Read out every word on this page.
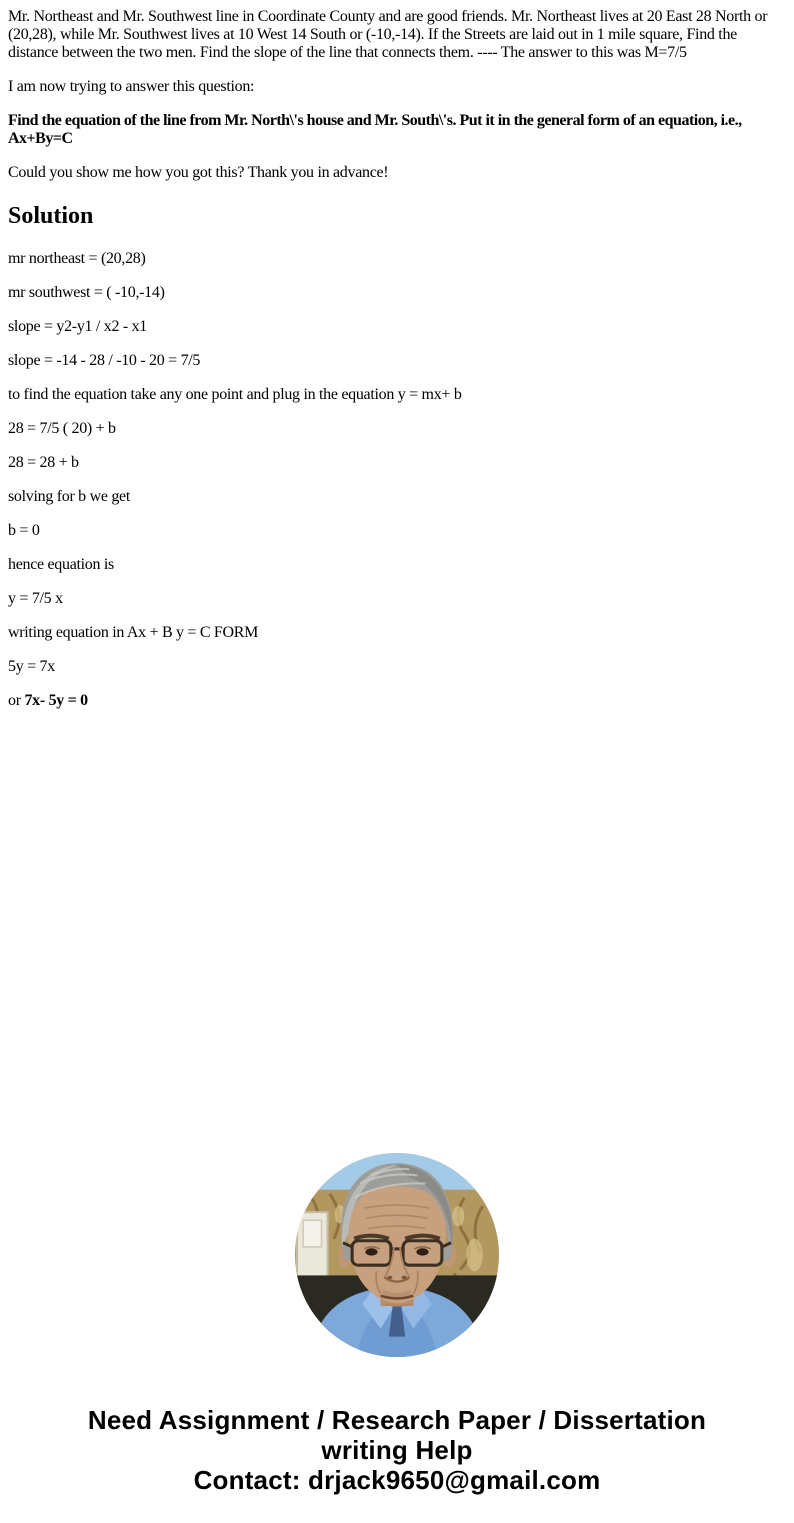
Mr. Northeast and Mr. Southwest line in Coordinate County and are good friends. Mr. Northeast lives at 20 East 28 North or (20,28), while Mr. Southwest lives at 10 West 14 South or (-10,-14). If the Streets are laid out in 1 mile square, Find the distance between the two men. Find the slope of the line that connects them. ---- The answer to this was M=7/5

I am now trying to answer this question:

Find the equation of the line from Mr. North\'s house and Mr. South\'s. Put it in the general form of an equation, i.e., Ax+By=C

Could you show me how you got this? Thank you in advance!

Solution

mr northeast = (20,28)

mr southwest = ( -10,-14)

slope = y2-y1 / x2 - x1

slope = -14 - 28 / -10 - 20 = 7/5

to find the equation take any one point and plug in the equation y = mx+ b

28 = 7/5 ( 20) + b

28 = 28 + b

solving for b we get

b = 0

hence equation is

y = 7/5 x

writing equation in Ax + B y = C FORM

5y = 7x

or 7x- 5y = 0

Need Assignment / Research Paper / Dissertation writing Help
Contact: drjack9650@gmail.com
